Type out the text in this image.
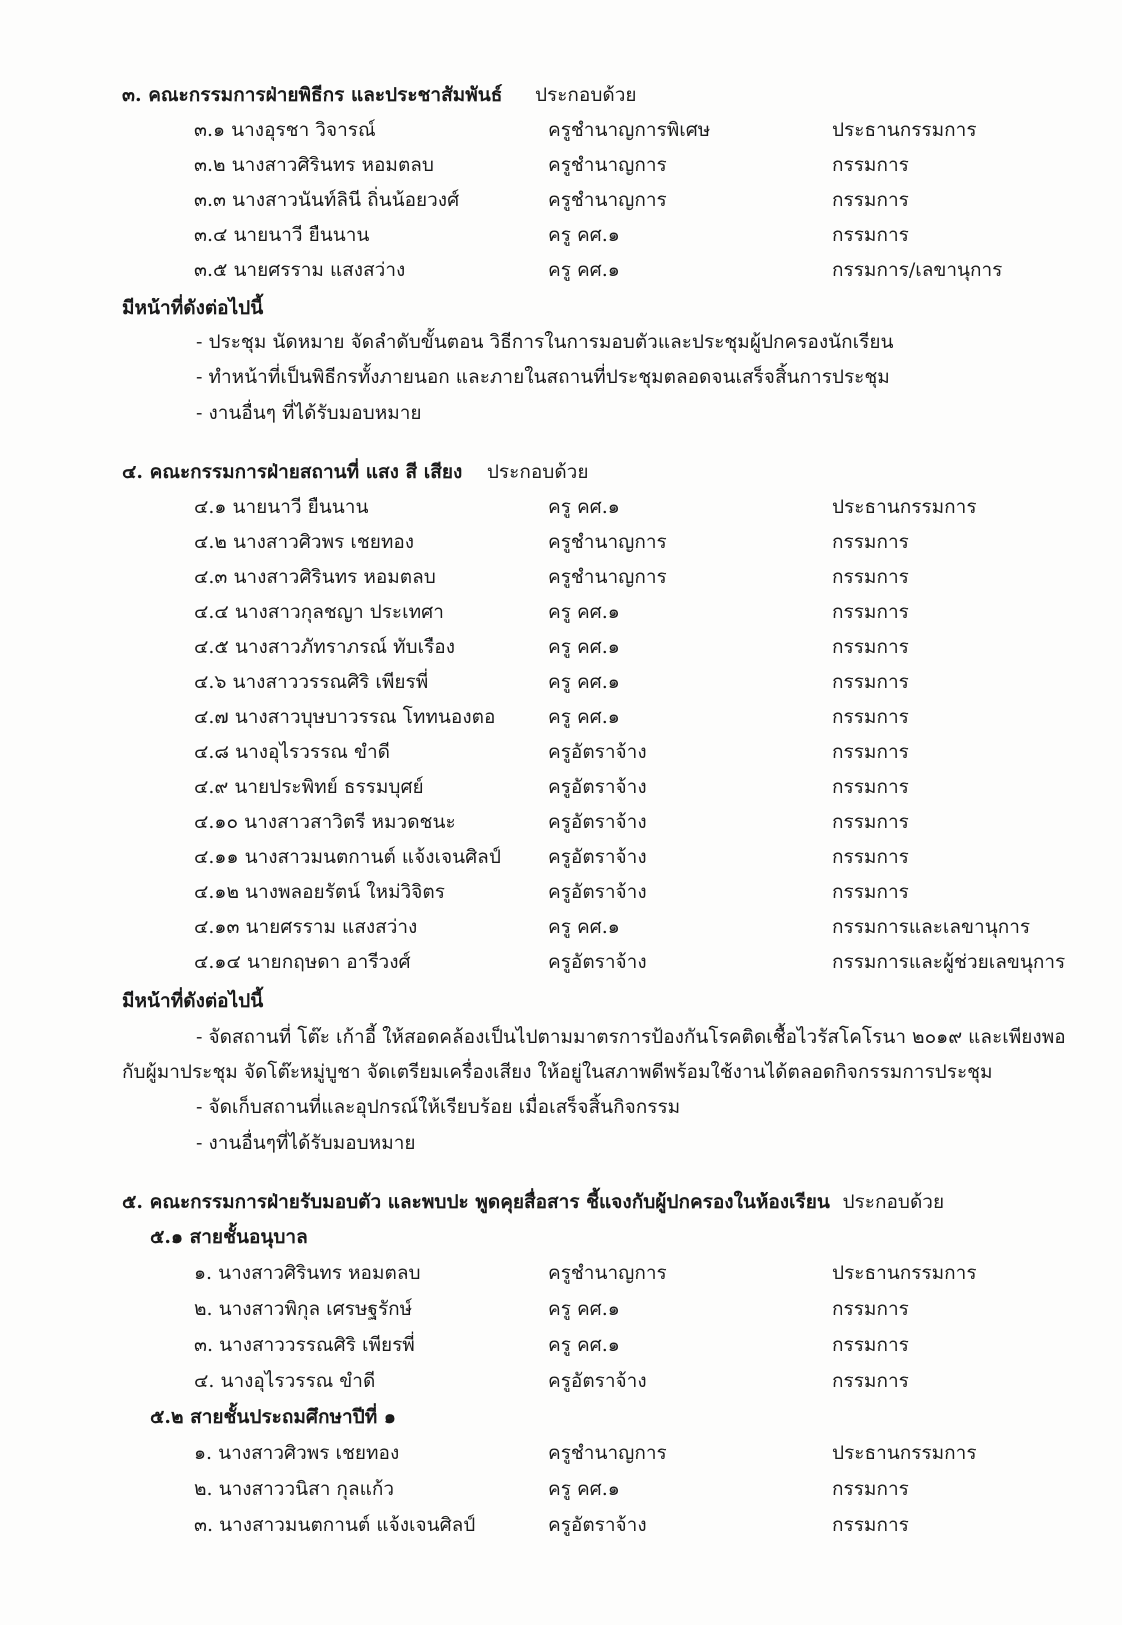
๓. คณะกรรมการฝ่ายพิธีกร และประชาสัมพันธ์ ประกอบด้วย
๓.๑ นางอุรชา วิจารณ์	ครูชำนาญการพิเศษ	ประธานกรรมการ
๓.๒ นางสาวศิรินทร หอมตลบ	ครูชำนาญการ	กรรมการ
๓.๓ นางสาวนันท์ลินี ถิ่นน้อยวงศ์	ครูชำนาญการ	กรรมการ
๓.๔ นายนาวี ยืนนาน	ครู คศ.๑	กรรมการ
๓.๕ นายศรราม แสงสว่าง	ครู คศ.๑	กรรมการ/เลขานุการ
มีหน้าที่ดังต่อไปนี้
- ประชุม นัดหมาย จัดลำดับขั้นตอน วิธีการในการมอบตัวและประชุมผู้ปกครองนักเรียน
- ทำหน้าที่เป็นพิธีกรทั้งภายนอก และภายในสถานที่ประชุมตลอดจนเสร็จสิ้นการประชุม
- งานอื่นๆ ที่ได้รับมอบหมาย
๔. คณะกรรมการฝ่ายสถานที่ แสง สี เสียง ประกอบด้วย
๔.๑ นายนาวี ยืนนาน	ครู คศ.๑	ประธานกรรมการ
๔.๒ นางสาวศิวพร เชยทอง	ครูชำนาญการ	กรรมการ
๔.๓ นางสาวศิรินทร หอมตลบ	ครูชำนาญการ	กรรมการ
๔.๔ นางสาวกุลชญา ประเทศา	ครู คศ.๑	กรรมการ
๔.๕ นางสาวภัทราภรณ์ ทับเรือง	ครู คศ.๑	กรรมการ
๔.๖ นางสาววรรณศิริ เพียรพี่	ครู คศ.๑	กรรมการ
๔.๗ นางสาวบุษบาวรรณ โททนองตอ	ครู คศ.๑	กรรมการ
๔.๘ นางอุไรวรรณ ขำดี	ครูอัตราจ้าง	กรรมการ
๔.๙ นายประพิทย์ ธรรมบุศย์	ครูอัตราจ้าง	กรรมการ
๔.๑๐ นางสาวสาวิตรี หมวดชนะ	ครูอัตราจ้าง	กรรมการ
๔.๑๑ นางสาวมนตกานต์ แจ้งเจนศิลป์ ครูอัตราจ้าง	กรรมการ
๔.๑๒ นางพลอยรัตน์ ใหม่วิจิตร	ครูอัตราจ้าง	กรรมการ
๔.๑๓ นายศรราม แสงสว่าง	ครู คศ.๑	กรรมการและเลขานุการ
๔.๑๔ นายกฤษดา อารีวงศ์	ครูอัตราจ้าง	กรรมการและผู้ช่วยเลขนุการ
มีหน้าที่ดังต่อไปนี้
- จัดสถานที่ โต๊ะ เก้าอี้ ให้สอดคล้องเป็นไปตามมาตรการป้องกันโรคติดเชื้อไวรัสโคโรนา ๒๐๑๙ และเพียงพอ
กับผู้มาประชุม จัดโต๊ะหมู่บูชา จัดเตรียมเครื่องเสียง ให้อยู่ในสภาพดีพร้อมใช้งานได้ตลอดกิจกรรมการประชุม
- จัดเก็บสถานที่และอุปกรณ์ให้เรียบร้อย เมื่อเสร็จสิ้นกิจกรรม
- งานอื่นๆที่ได้รับมอบหมาย
๕. คณะกรรมการฝ่ายรับมอบตัว และพบปะ พูดคุยสื่อสาร ชี้แจงกับผู้ปกครองในห้องเรียน ประกอบด้วย
๕.๑ สายชั้นอนุบาล
๑. นางสาวศิรินทร หอมตลบ	ครูชำนาญการ	ประธานกรรมการ
๒. นางสาวพิกุล เศรษฐรักษ์	ครู คศ.๑	กรรมการ
๓. นางสาววรรณศิริ เพียรพี่	ครู คศ.๑	กรรมการ
๔. นางอุไรวรรณ ขำดี	ครูอัตราจ้าง	กรรมการ
๕.๒ สายชั้นประถมศึกษาปีที่ ๑
๑. นางสาวศิวพร เชยทอง	ครูชำนาญการ	ประธานกรรมการ
๒. นางสาววนิสา กุลแก้ว	ครู คศ.๑	กรรมการ
๓. นางสาวมนตกานต์ แจ้งเจนศิลป์	ครูอัตราจ้าง	กรรมการ
